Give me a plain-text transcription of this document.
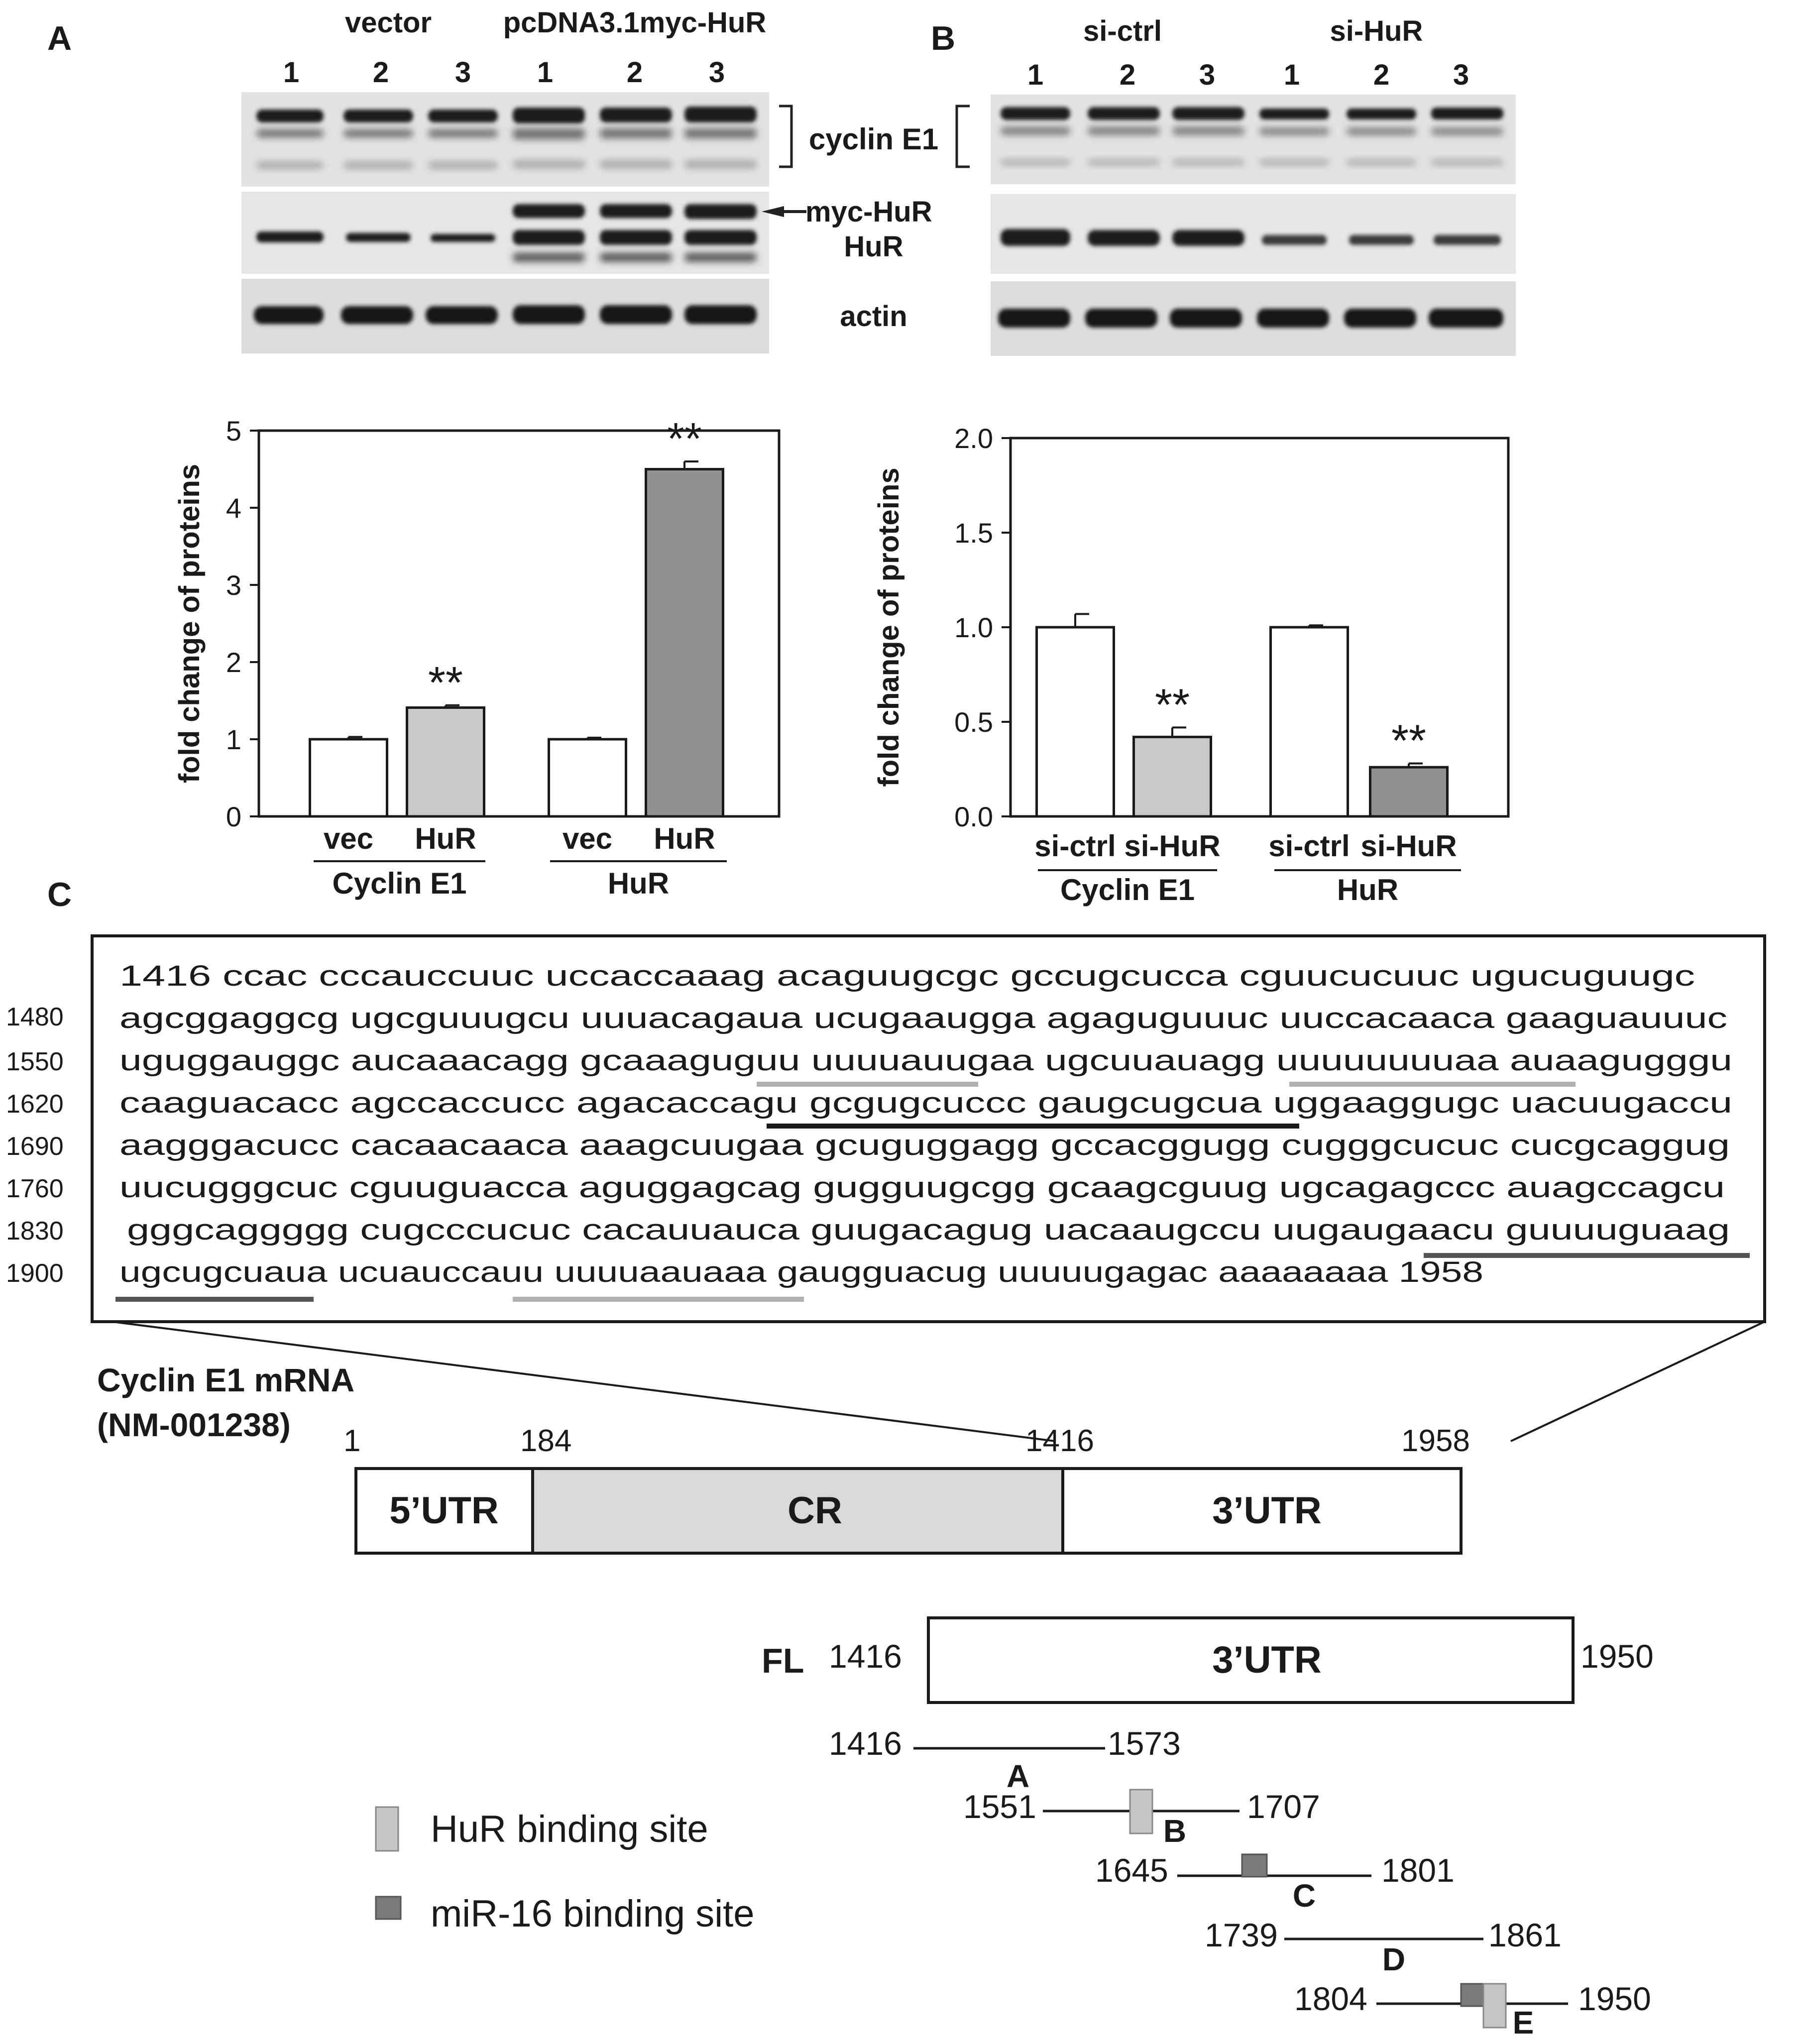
A	B
C
vector pcDNA3.1myc-HuR
1	2 3 1	2 3
cyclin E1
myc-HuR
HuR
actin
si-ctrl	si-HuR
1	2 3 1	2 3
0
1
2
3
4
5
fold change of proteins
vec
**
HuR	vec
**
HuR
Cyclin E1	HuR
0.0
0.5
1.0
1.5
2.0
fold change of proteins
si-ctrl
**
si-HuR si-ctrl
**
si-HuR
Cyclin E1	HuR
1416 ccac cccauccuuc uccaccaaag acaguugcgc gccugcucca cguucucuuc ugucuguugc
agcggaggcg ugcguuugcu uuuacagaua ucugaaugga agaguguuuc uuccacaaca gaaguauuuc
uguggauggc aucaaacagg gcaaaguguu uuuuauugaa ugcuuauagg uuuuuuuuaa auaagugggu
caaguacacc agccaccucc agacaccagu gcgugcuccc gaugcugcua uggaaggugc uacuugaccu
aagggacucc cacaacaaca aaagcuugaa gcuguggagg gccacggugg cugggcucuc cucgcaggug
uucugggcuc cguuguacca aguggagcag gugguugcgg gcaagcguug ugcagagccc auagccagcu
gggcaggggg cugcccucuc cacauuauca guugacagug uacaaugccu uugaugaacu guuuuguaag
ugcugcuaua ucuauccauu uuuuaauaaa gaugguacug uuuuugagac aaaaaaaa 1958
1480
1550
1620
1690
1760
1830
1900
Cyclin E1 mRNA
(NM-001238) 1	184	1416	1958
5’UTR	CR	3’UTR
FL 1416	3’UTR	1950
1416	1573
A
1551	1707
B
1645	1801
C
1739	1861
D
1804	1950
E
HuR binding site
miR-16 binding site
